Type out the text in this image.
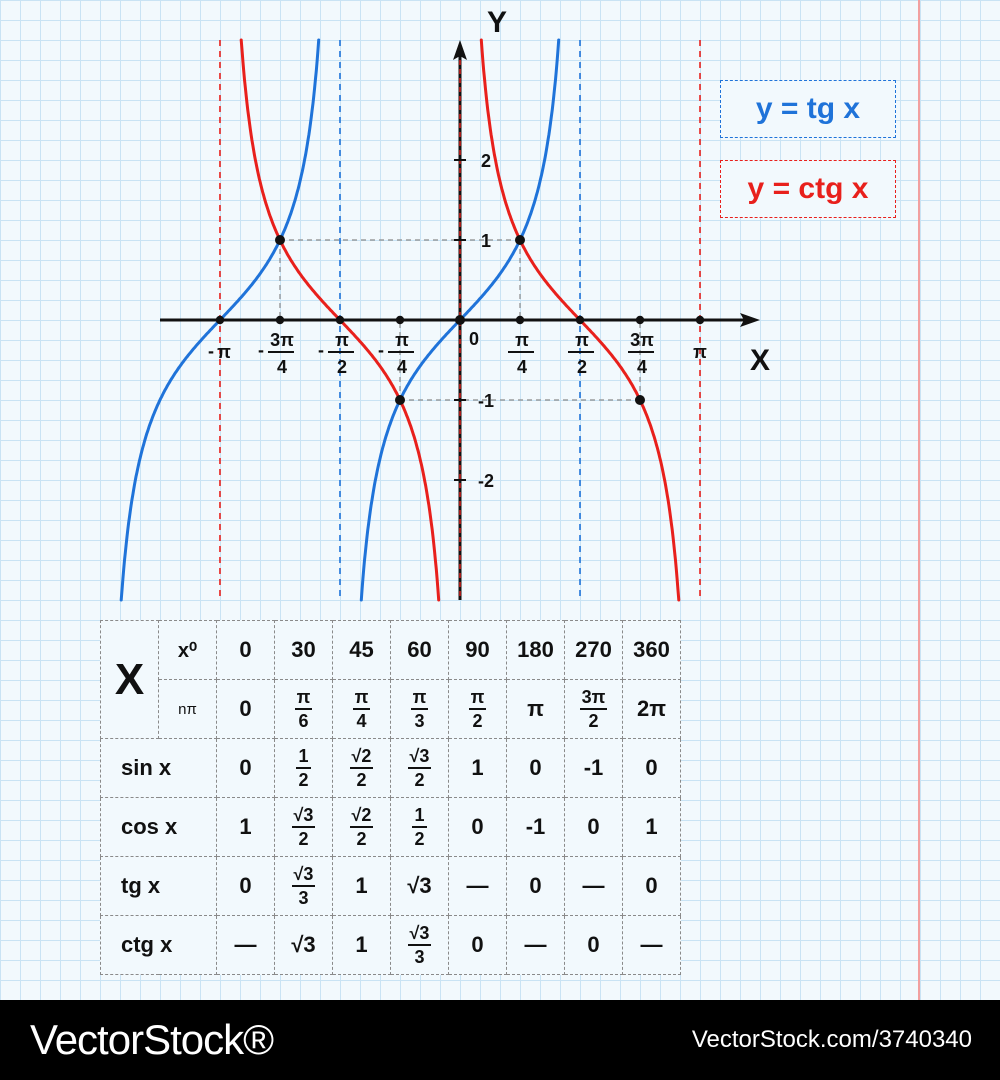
X
Y
π
-
3π
4
-	π
2
-	π
4
-
0 π
4
π
2
3π
4
π
2
1
-1
-2
y = tg x
y = ctg x
X	x⁰	0	30	45	60	90	180	270	360
	nπ	0	$\frac{\pi}{6}$	$\frac{\pi}{4}$	$\frac{\pi}{3}$	$\frac{\pi}{2}$	π	$\frac{3\pi}{2}$	2π
sin x		0	$\frac{1}{2}$	$\frac{√2}{2}$	$\frac{√3}{2}$	1	0	-1	0
cos x		1	$\frac{√3}{2}$	$\frac{√2}{2}$	$\frac{1}{2}$	0	-1	0	1
tg x		0	$\frac{√3}{3}$	1	√3	—	0	—	0
ctg x		—	√3	1	$\frac{√3}{3}$	0	—	0	—
VectorStock®	VectorStock.com/3740340
